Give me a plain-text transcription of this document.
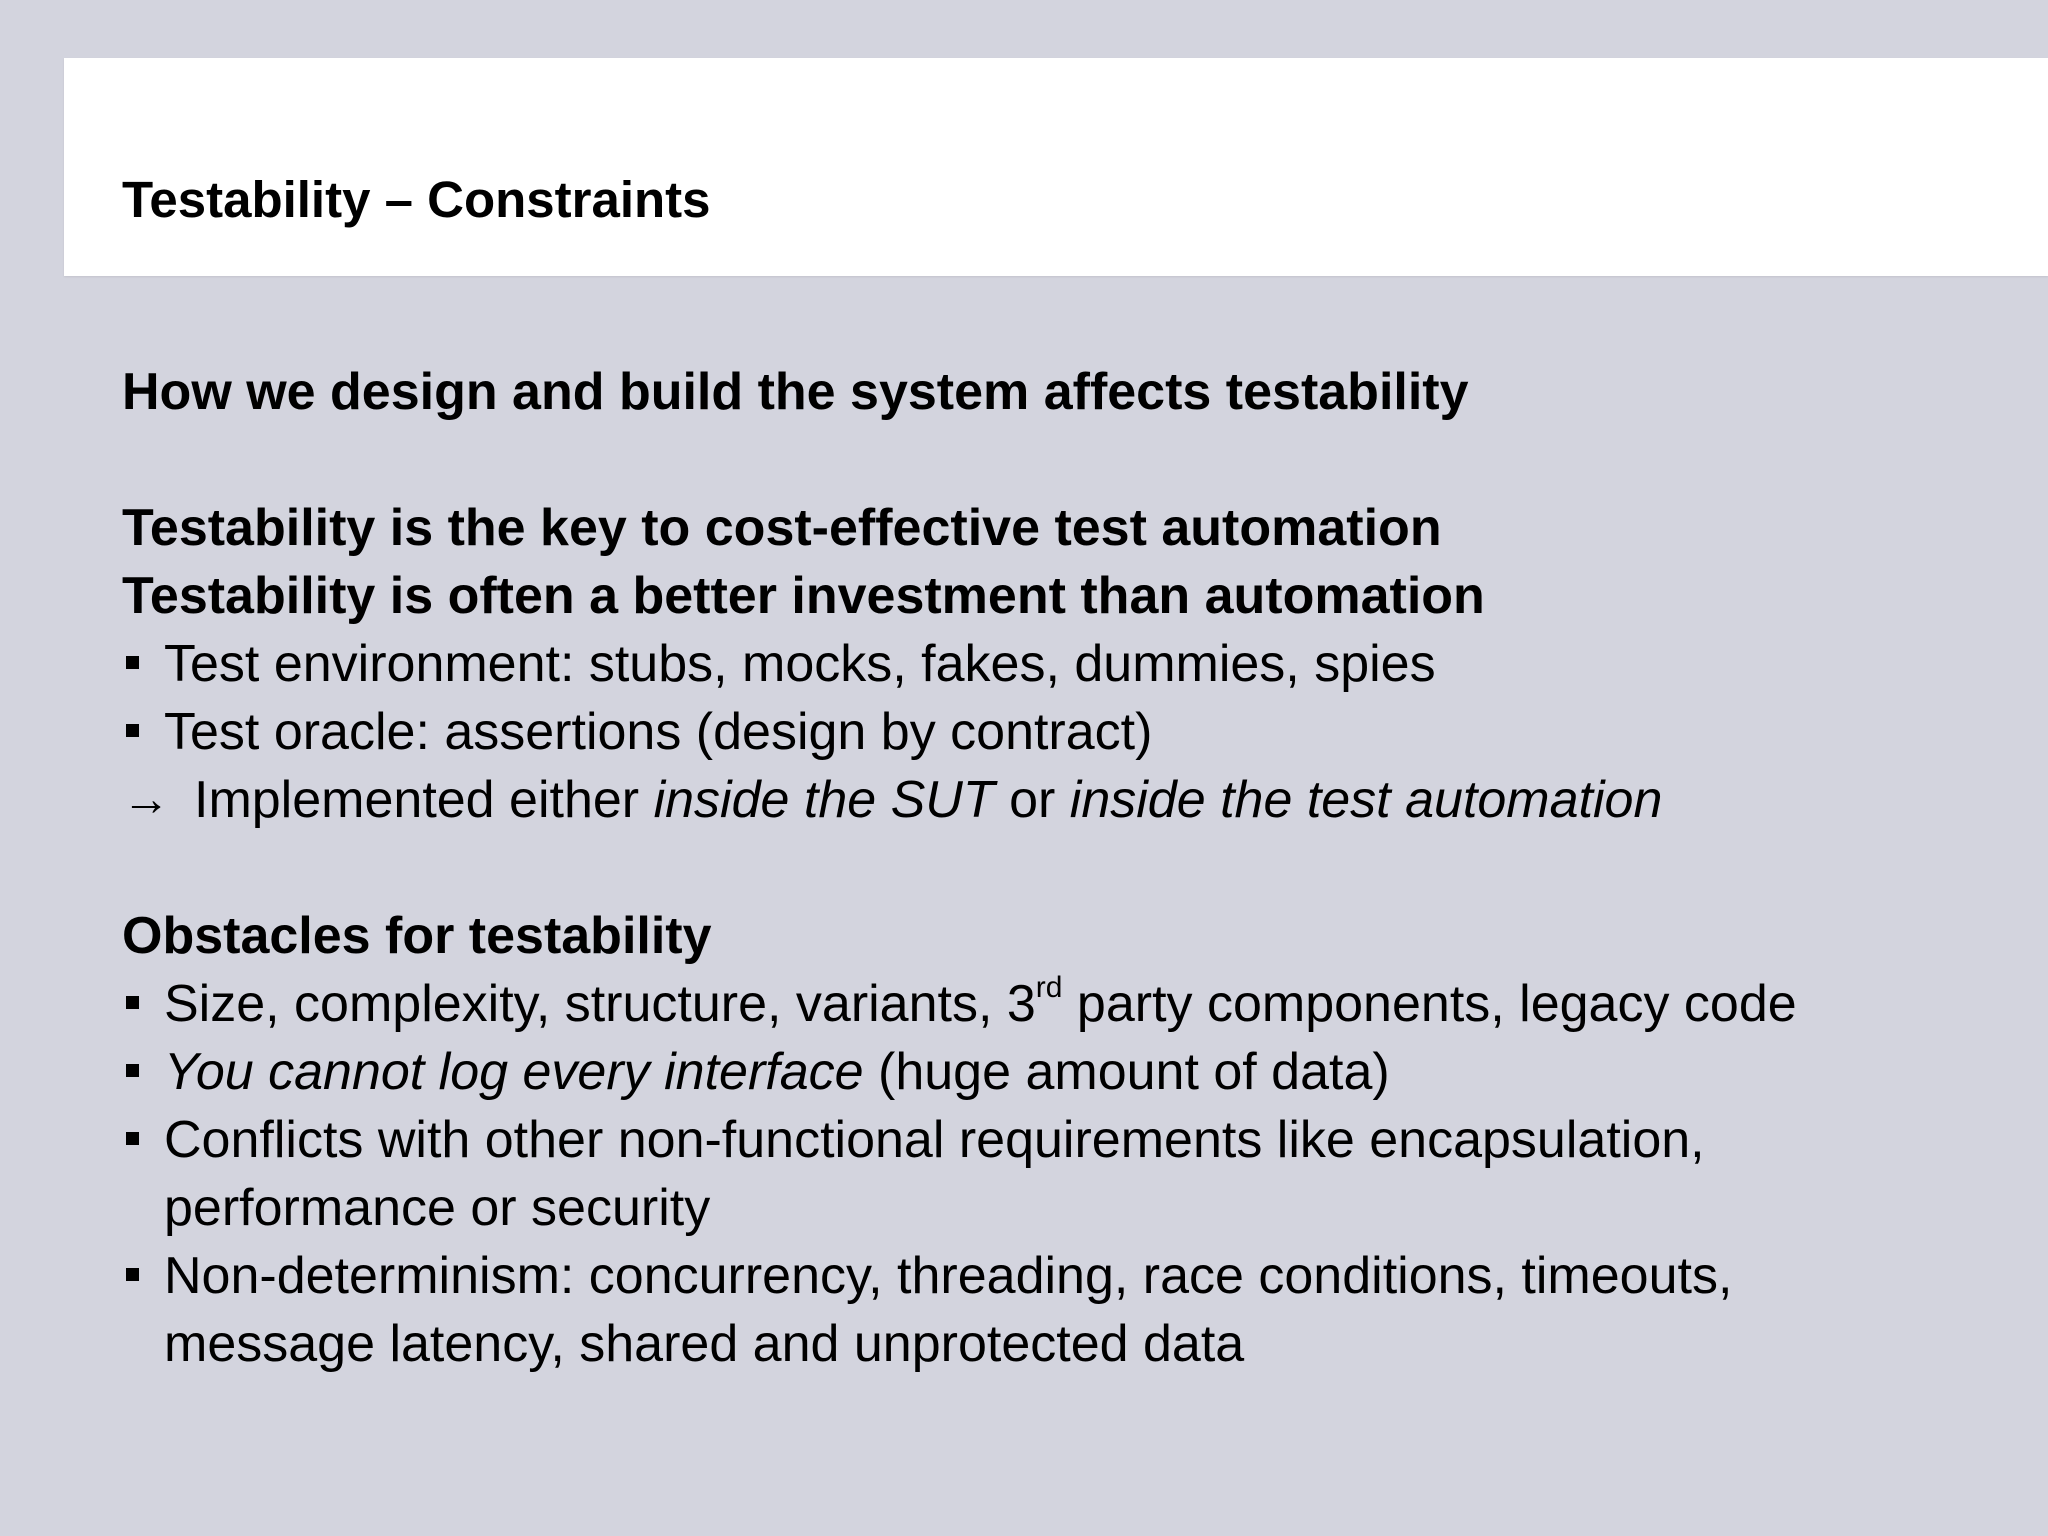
Testability – Constraints
How we design and build the system affects testability
Testability is the key to cost-effective test automation
Testability is often a better investment than automation
Test environment: stubs, mocks, fakes, dummies, spies
Test oracle: assertions (design by contract)
→ Implemented either inside the SUT or inside the test automation
Obstacles for testability
Size, complexity, structure, variants, 3rd party components, legacy code
You cannot log every interface (huge amount of data)
Conflicts with other non-functional requirements like encapsulation,
performance or security
Non-determinism: concurrency, threading, race conditions, timeouts,
message latency, shared and unprotected data
